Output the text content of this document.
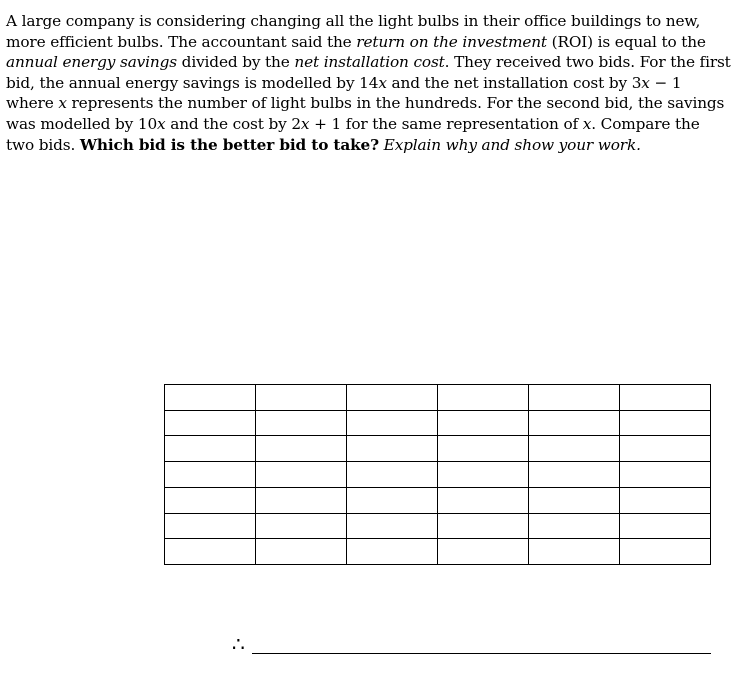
A large company is considering changing all the light bulbs in their office buildings to new, more efficient bulbs. The accountant said the return on the investment (ROI) is equal to the annual energy savings divided by the net installation cost. They received two bids. For the first bid, the annual energy savings is modelled by 14x and the net installation cost by 3x − 1 where x represents the number of light bulbs in the hundreds. For the second bid, the savings was modelled by 10x and the cost by 2x + 1 for the same representation of x. Compare the two bids. Which bid is the better bid to take? Explain why and show your work.

∴
